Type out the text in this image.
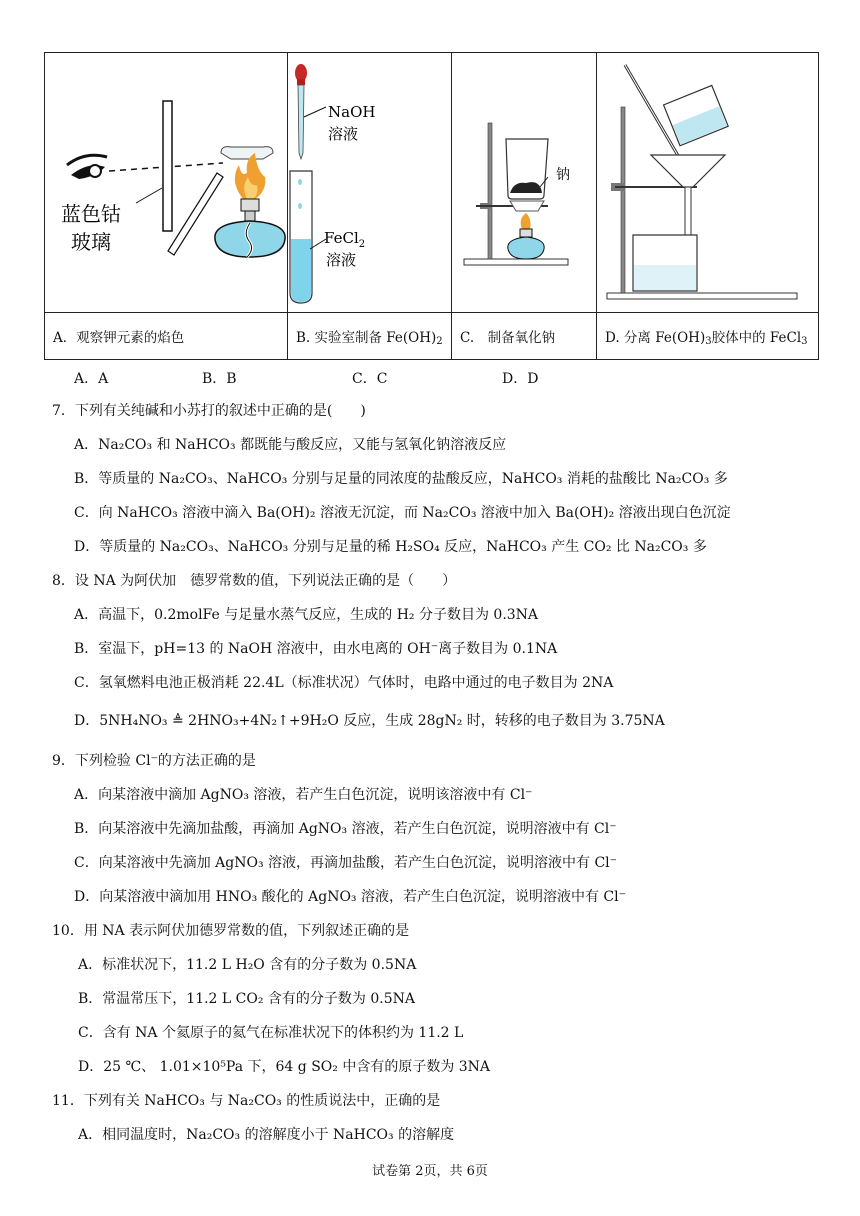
蓝色钴
玻璃	NaOH
溶液
FeCl$_2$
溶液	钠

A．观察钾元素的焰色	B. 实验室制备 $Fe(OH)_2$	C.　制备氧化钠	D. 分离 $Fe(OH)_3$胶体中的 FeCl$_3$
A．A	B．B	C．C	D．D
7．下列有关纯碱和小苏打的叙述中正确的是(　　)
A．Na₂CO₃ 和 NaHCO₃ 都既能与酸反应，又能与氢氧化钠溶液反应
B．等质量的 Na₂CO₃、NaHCO₃ 分别与足量的同浓度的盐酸反应，NaHCO₃ 消耗的盐酸比 Na₂CO₃ 多
C．向 NaHCO₃ 溶液中滴入 Ba(OH)₂ 溶液无沉淀，而 Na₂CO₃ 溶液中加入 Ba(OH)₂ 溶液出现白色沉淀
D．等质量的 Na₂CO₃、NaHCO₃ 分别与足量的稀 H₂SO₄ 反应，NaHCO₃ 产生 CO₂ 比 Na₂CO₃ 多
8．设 NA 为阿伏加　德罗常数的值，下列说法正确的是（　　）
A．高温下，0.2molFe 与足量水蒸气反应，生成的 H₂ 分子数目为 0.3NA
B．室温下，pH=13 的 NaOH 溶液中，由水电离的 OH⁻离子数目为 0.1NA
C．氢氧燃料电池正极消耗 22.4L（标准状况）气体时，电路中通过的电子数目为 2NA
D．5NH₄NO₃ ≜ 2HNO₃+4N₂↑+9H₂O 反应，生成 28gN₂ 时，转移的电子数目为 3.75NA
9．下列检验 Cl⁻的方法正确的是
A．向某溶液中滴加 AgNO₃ 溶液，若产生白色沉淀，说明该溶液中有 Cl⁻
B．向某溶液中先滴加盐酸，再滴加 AgNO₃ 溶液，若产生白色沉淀，说明溶液中有 Cl⁻
C．向某溶液中先滴加 AgNO₃ 溶液，再滴加盐酸，若产生白色沉淀，说明溶液中有 Cl⁻
D．向某溶液中滴加用 HNO₃ 酸化的 AgNO₃ 溶液，若产生白色沉淀，说明溶液中有 Cl⁻
10．用 NA 表示阿伏加德罗常数的值，下列叙述正确的是
A．标准状况下，11.2 L H₂O 含有的分子数为 0.5NA
B．常温常压下，11.2 L CO₂ 含有的分子数为 0.5NA
C．含有 NA 个氦原子的氦气在标准状况下的体积约为 11.2 L
D．25 ℃、 1.01×10⁵Pa 下，64 g SO₂ 中含有的原子数为 3NA
11．下列有关 NaHCO₃ 与 Na₂CO₃ 的性质说法中，正确的是
A．相同温度时，Na₂CO₃ 的溶解度小于 NaHCO₃ 的溶解度
试卷第 2页，共 6页
